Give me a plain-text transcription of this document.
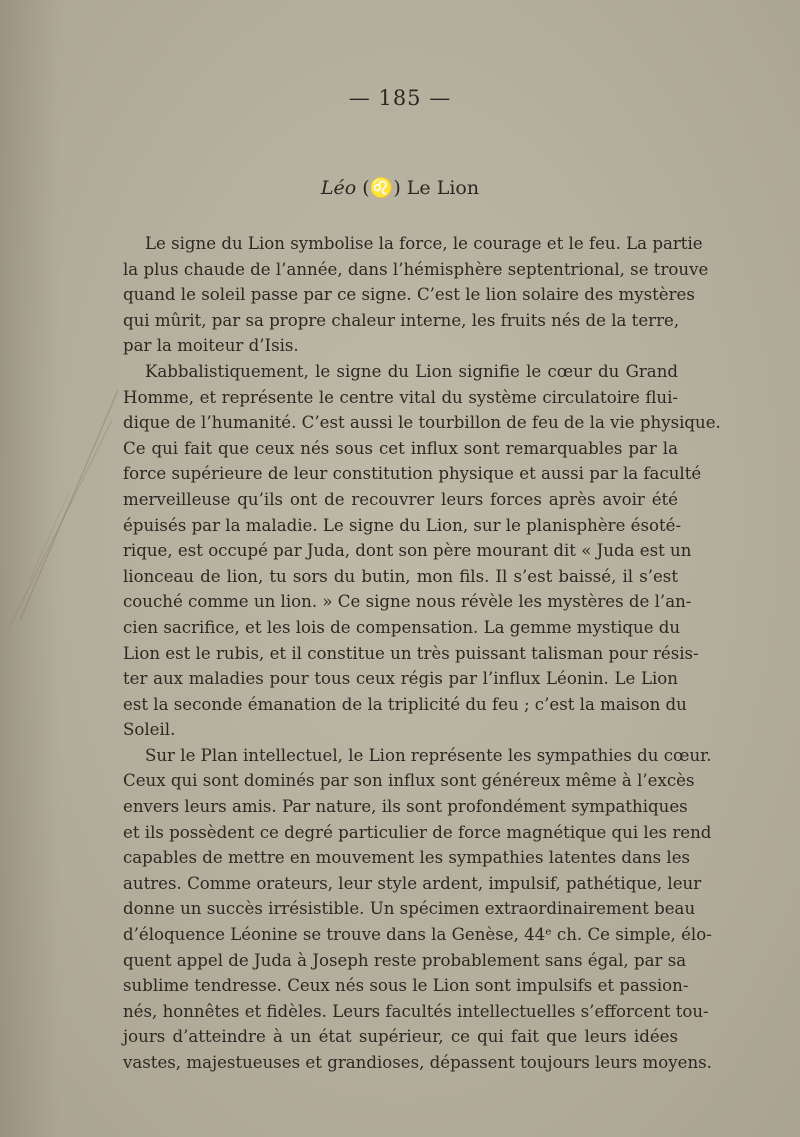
— 185 —
Léo (♌) Le Lion
Le signe du Lion symbolise la force, le courage et le feu. La partie
la plus chaude de l’année, dans l’hémisphère septentrional, se trouve
quand le soleil passe par ce signe. C’est le lion solaire des mystères
qui mûrit, par sa propre chaleur interne, les fruits nés de la terre,
par la moiteur d’Isis.
Kabbalistiquement, le signe du Lion signifie le cœur du Grand
Homme, et représente le centre vital du système circulatoire flui-
dique de l’humanité. C’est aussi le tourbillon de feu de la vie physique.
Ce qui fait que ceux nés sous cet influx sont remarquables par la
force supérieure de leur constitution physique et aussi par la faculté
merveilleuse qu’ils ont de recouvrer leurs forces après avoir été
épuisés par la maladie. Le signe du Lion, sur le planisphère ésoté-
rique, est occupé par Juda, dont son père mourant dit « Juda est un
lionceau de lion, tu sors du butin, mon fils. Il s’est baissé, il s’est
couché comme un lion. » Ce signe nous révèle les mystères de l’an-
cien sacrifice, et les lois de compensation. La gemme mystique du
Lion est le rubis, et il constitue un très puissant talisman pour résis-
ter aux maladies pour tous ceux régis par l’influx Léonin. Le Lion
est la seconde émanation de la triplicité du feu ; c’est la maison du
Soleil.
Sur le Plan intellectuel, le Lion représente les sympathies du cœur.
Ceux qui sont dominés par son influx sont généreux même à l’excès
envers leurs amis. Par nature, ils sont profondément sympathiques
et ils possèdent ce degré particulier de force magnétique qui les rend
capables de mettre en mouvement les sympathies latentes dans les
autres. Comme orateurs, leur style ardent, impulsif, pathétique, leur
donne un succès irrésistible. Un spécimen extraordinairement beau
d’éloquence Léonine se trouve dans la Genèse, 44ᵉ ch. Ce simple, élo-
quent appel de Juda à Joseph reste probablement sans égal, par sa
sublime tendresse. Ceux nés sous le Lion sont impulsifs et passion-
nés, honnêtes et fidèles. Leurs facultés intellectuelles s’efforcent tou-
jours d’atteindre à un état supérieur, ce qui fait que leurs idées
vastes, majestueuses et grandioses, dépassent toujours leurs moyens.
